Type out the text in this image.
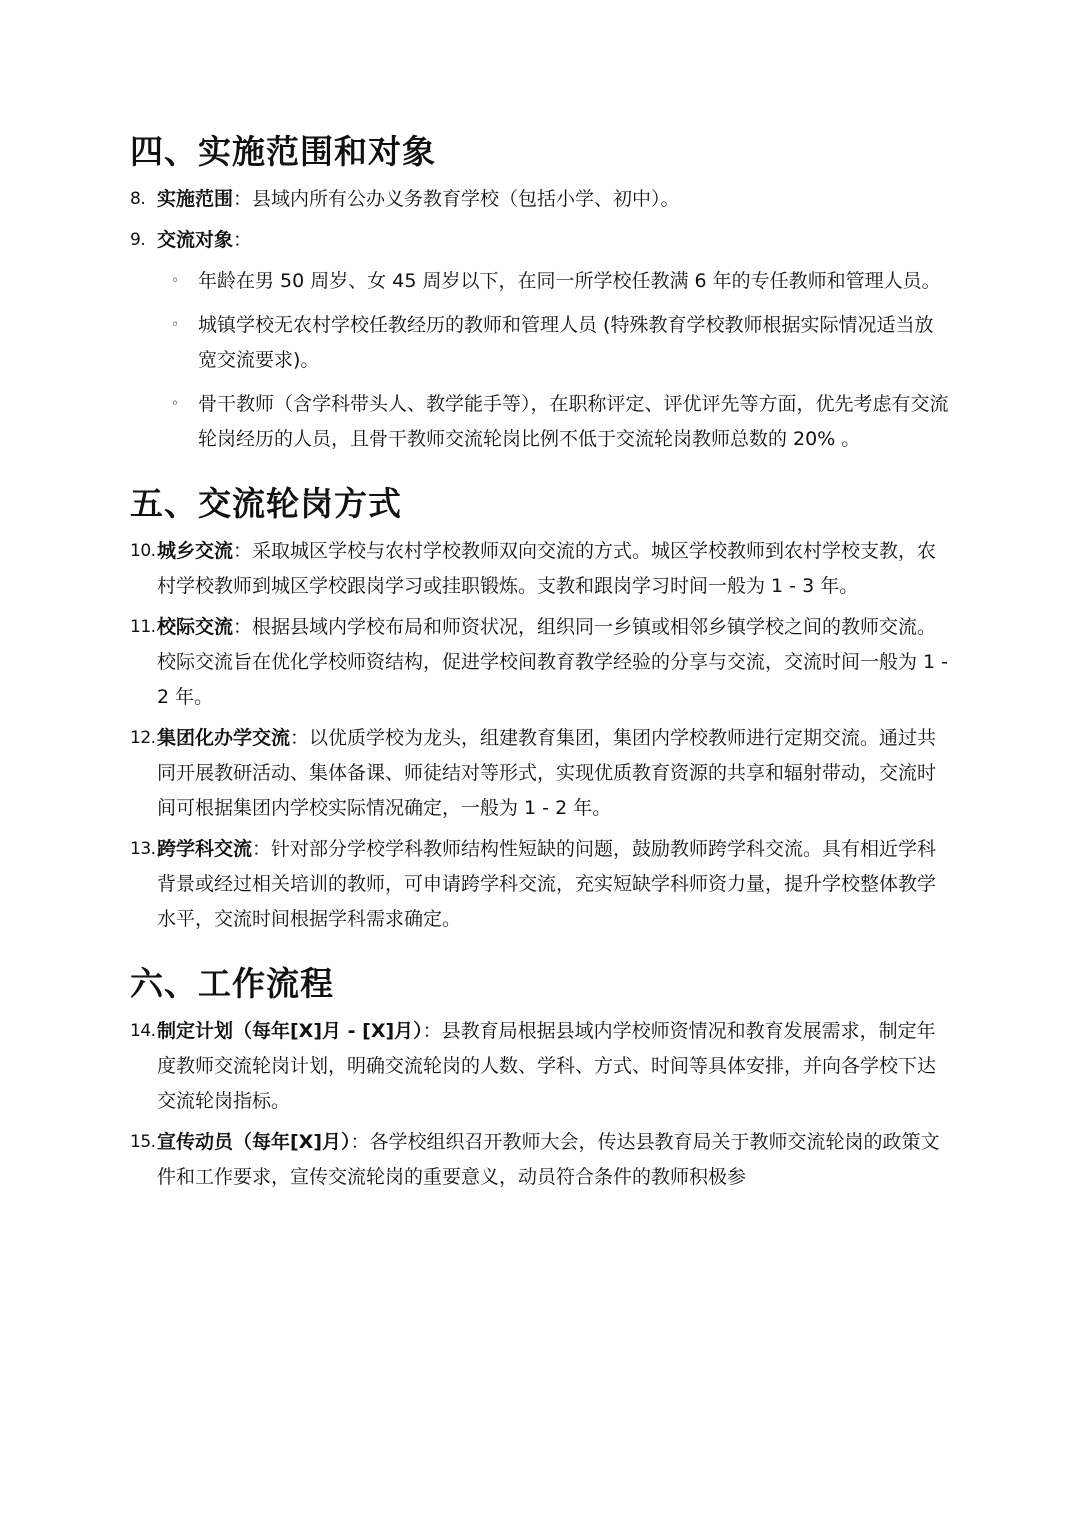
四、实施范围和对象
8. 实施范围：县域内所有公办义务教育学校（包括小学、初中）。
9. 交流对象：
◦ 年龄在男 50 周岁、女 45 周岁以下，在同一所学校任教满 6 年的专任教师和管理人员。
◦ 城镇学校无农村学校任教经历的教师和管理人员 (特殊教育学校教师根据实际情况适当放宽交流要求)。
◦ 骨干教师（含学科带头人、教学能手等），在职称评定、评优评先等方面，优先考虑有交流轮岗经历的人员，且骨干教师交流轮岗比例不低于交流轮岗教师总数的 20% 。
五、交流轮岗方式
10. 城乡交流：采取城区学校与农村学校教师双向交流的方式。城区学校教师到农村学校支教，农村学校教师到城区学校跟岗学习或挂职锻炼。支教和跟岗学习时间一般为 1 - 3 年。
11. 校际交流：根据县域内学校布局和师资状况，组织同一乡镇或相邻乡镇学校之间的教师交流。校际交流旨在优化学校师资结构，促进学校间教育教学经验的分享与交流，交流时间一般为 1 - 2 年。
12. 集团化办学交流：以优质学校为龙头，组建教育集团，集团内学校教师进行定期交流。通过共同开展教研活动、集体备课、师徒结对等形式，实现优质教育资源的共享和辐射带动，交流时间可根据集团内学校实际情况确定，一般为 1 - 2 年。
13. 跨学科交流：针对部分学校学科教师结构性短缺的问题，鼓励教师跨学科交流。具有相近学科背景或经过相关培训的教师，可申请跨学科交流，充实短缺学科师资力量，提升学校整体教学水平，交流时间根据学科需求确定。
六、工作流程
14. 制定计划（每年[X]月 - [X]月）：县教育局根据县域内学校师资情况和教育发展需求，制定年度教师交流轮岗计划，明确交流轮岗的人数、学科、方式、时间等具体安排，并向各学校下达交流轮岗指标。
15. 宣传动员（每年[X]月）：各学校组织召开教师大会，传达县教育局关于教师交流轮岗的政策文件和工作要求，宣传交流轮岗的重要意义，动员符合条件的教师积极参
